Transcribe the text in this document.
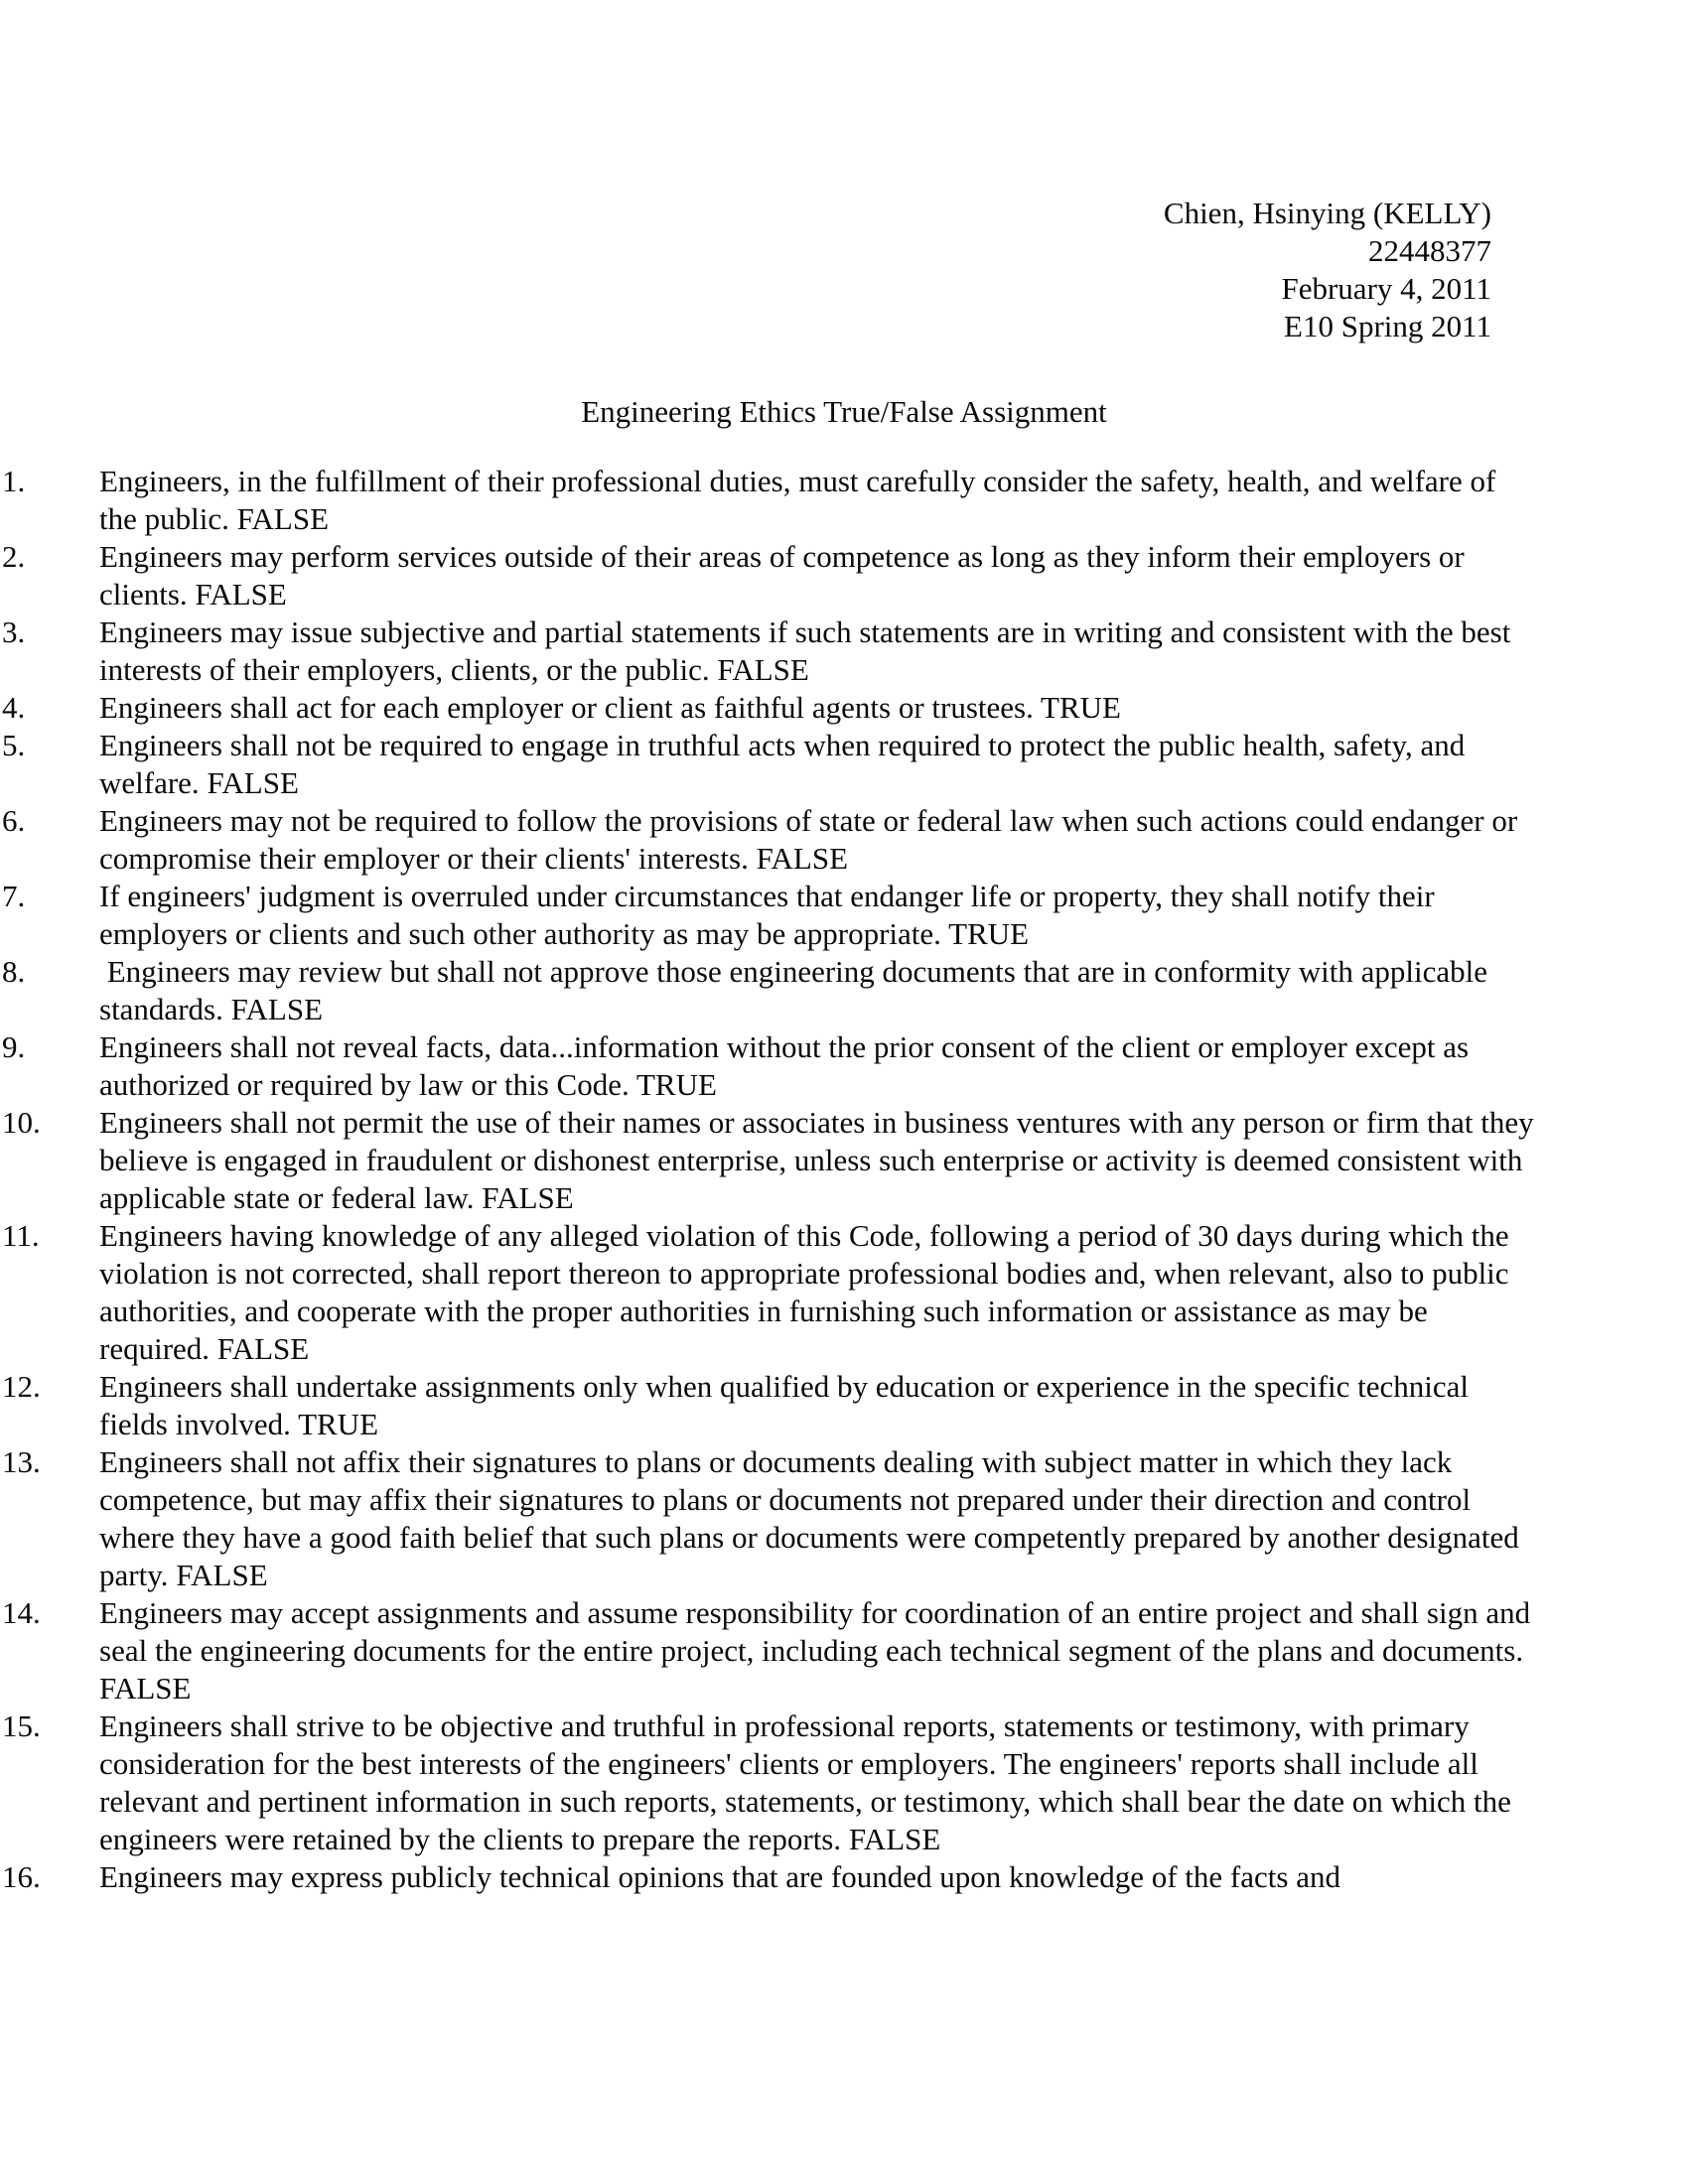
Chien, Hsinying (KELLY)
22448377
February 4, 2011
E10 Spring 2011
Engineering Ethics True/False Assignment
1. Engineers, in the fulfillment of their professional duties, must carefully consider the safety, health, and welfare of the public. FALSE
2. Engineers may perform services outside of their areas of competence as long as they inform their employers or clients. FALSE
3. Engineers may issue subjective and partial statements if such statements are in writing and consistent with the best interests of their employers, clients, or the public. FALSE
4. Engineers shall act for each employer or client as faithful agents or trustees. TRUE
5. Engineers shall not be required to engage in truthful acts when required to protect the public health, safety, and welfare. FALSE
6. Engineers may not be required to follow the provisions of state or federal law when such actions could endanger or compromise their employer or their clients' interests. FALSE
7. If engineers' judgment is overruled under circumstances that endanger life or property, they shall notify their employers or clients and such other authority as may be appropriate. TRUE
8. Engineers may review but shall not approve those engineering documents that are in conformity with applicable standards. FALSE
9. Engineers shall not reveal facts, data...information without the prior consent of the client or employer except as authorized or required by law or this Code. TRUE
10. Engineers shall not permit the use of their names or associates in business ventures with any person or firm that they believe is engaged in fraudulent or dishonest enterprise, unless such enterprise or activity is deemed consistent with applicable state or federal law. FALSE
11. Engineers having knowledge of any alleged violation of this Code, following a period of 30 days during which the violation is not corrected, shall report thereon to appropriate professional bodies and, when relevant, also to public authorities, and cooperate with the proper authorities in furnishing such information or assistance as may be required. FALSE
12. Engineers shall undertake assignments only when qualified by education or experience in the specific technical fields involved. TRUE
13. Engineers shall not affix their signatures to plans or documents dealing with subject matter in which they lack competence, but may affix their signatures to plans or documents not prepared under their direction and control where they have a good faith belief that such plans or documents were competently prepared by another designated party. FALSE
14. Engineers may accept assignments and assume responsibility for coordination of an entire project and shall sign and seal the engineering documents for the entire project, including each technical segment of the plans and documents. FALSE
15. Engineers shall strive to be objective and truthful in professional reports, statements or testimony, with primary consideration for the best interests of the engineers' clients or employers. The engineers' reports shall include all relevant and pertinent information in such reports, statements, or testimony, which shall bear the date on which the engineers were retained by the clients to prepare the reports. FALSE
16. Engineers may express publicly technical opinions that are founded upon knowledge of the facts and
